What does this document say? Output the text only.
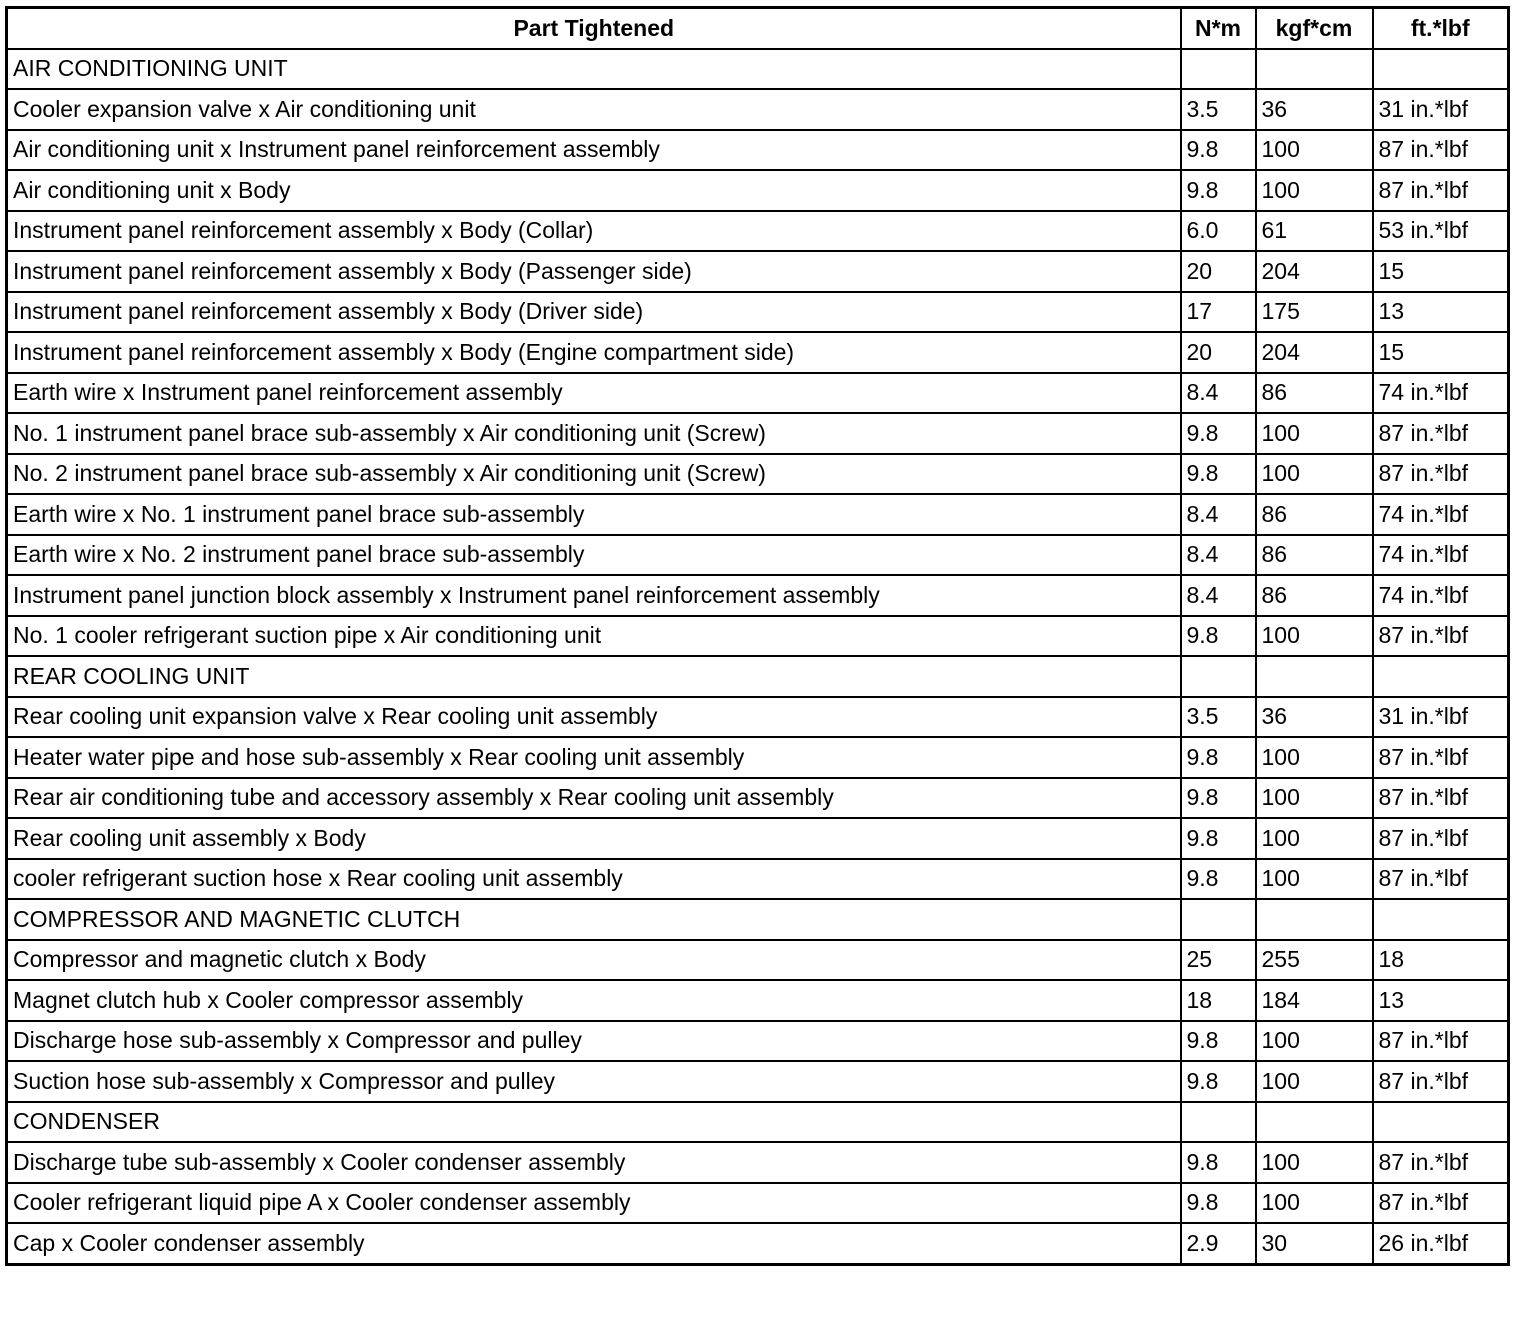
Part Tightened	N*m	kgf*cm	ft.*lbf
AIR CONDITIONING UNIT			
Cooler expansion valve x Air conditioning unit	3.5	36	31 in.*lbf
Air conditioning unit x Instrument panel reinforcement assembly	9.8	100	87 in.*lbf
Air conditioning unit x Body	9.8	100	87 in.*lbf
Instrument panel reinforcement assembly x Body (Collar)	6.0	61	53 in.*lbf
Instrument panel reinforcement assembly x Body (Passenger side)	20	204	15
Instrument panel reinforcement assembly x Body (Driver side)	17	175	13
Instrument panel reinforcement assembly x Body (Engine compartment side)	20	204	15
Earth wire x Instrument panel reinforcement assembly	8.4	86	74 in.*lbf
No. 1 instrument panel brace sub-assembly x Air conditioning unit (Screw)	9.8	100	87 in.*lbf
No. 2 instrument panel brace sub-assembly x Air conditioning unit (Screw)	9.8	100	87 in.*lbf
Earth wire x No. 1 instrument panel brace sub-assembly	8.4	86	74 in.*lbf
Earth wire x No. 2 instrument panel brace sub-assembly	8.4	86	74 in.*lbf
Instrument panel junction block assembly x Instrument panel reinforcement assembly	8.4	86	74 in.*lbf
No. 1 cooler refrigerant suction pipe x Air conditioning unit	9.8	100	87 in.*lbf
REAR COOLING UNIT			
Rear cooling unit expansion valve x Rear cooling unit assembly	3.5	36	31 in.*lbf
Heater water pipe and hose sub-assembly x Rear cooling unit assembly	9.8	100	87 in.*lbf
Rear air conditioning tube and accessory assembly x Rear cooling unit assembly	9.8	100	87 in.*lbf
Rear cooling unit assembly x Body	9.8	100	87 in.*lbf
cooler refrigerant suction hose x Rear cooling unit assembly	9.8	100	87 in.*lbf
COMPRESSOR AND MAGNETIC CLUTCH			
Compressor and magnetic clutch x Body	25	255	18
Magnet clutch hub x Cooler compressor assembly	18	184	13
Discharge hose sub-assembly x Compressor and pulley	9.8	100	87 in.*lbf
Suction hose sub-assembly x Compressor and pulley	9.8	100	87 in.*lbf
CONDENSER			
Discharge tube sub-assembly x Cooler condenser assembly	9.8	100	87 in.*lbf
Cooler refrigerant liquid pipe A x Cooler condenser assembly	9.8	100	87 in.*lbf
Cap x Cooler condenser assembly	2.9	30	26 in.*lbf
